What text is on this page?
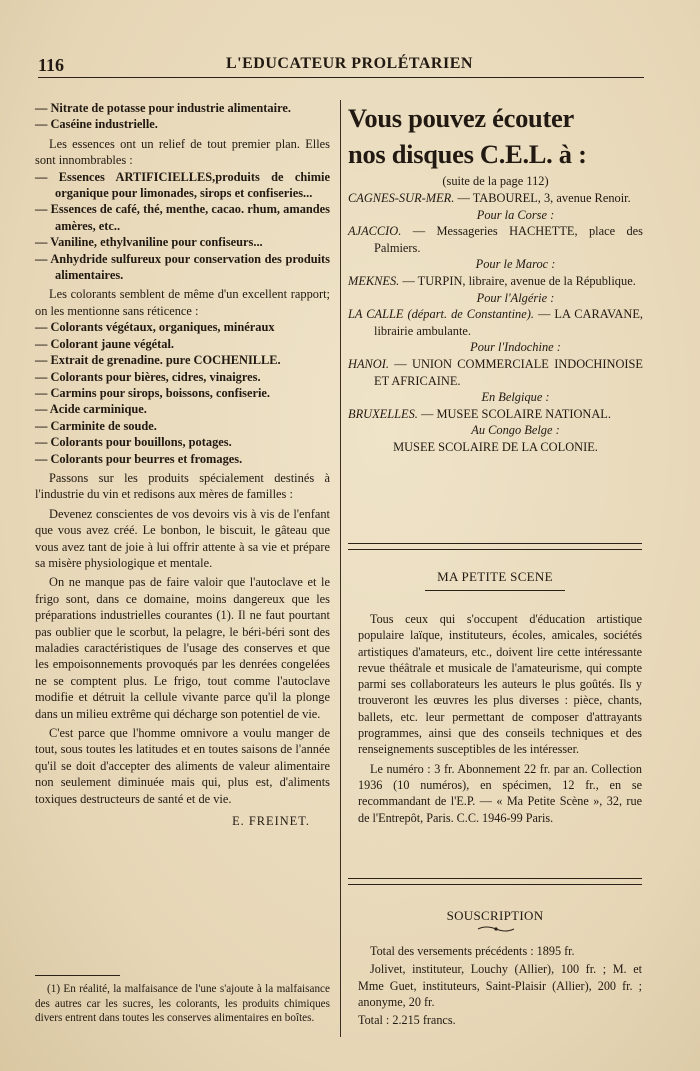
116	L'EDUCATEUR PROLÉTARIEN

— Nitrate de potasse pour industrie alimentaire.

— Caséine industrielle.

Les essences ont un relief de tout premier plan. Elles sont innombrables :

— Essences ARTIFICIELLES,produits de chimie organique pour limonades, sirops et confiseries...

— Essences de café, thé, menthe, cacao. rhum, amandes amères, etc..

— Vaniline, ethylvaniline pour confiseurs...

— Anhydride sulfureux pour conservation des produits alimentaires.

Les colorants semblent de même d'un excellent rapport; on les mentionne sans réticence :

— Colorants végétaux, organiques, minéraux

— Colorant jaune végétal.

— Extrait de grenadine. pure COCHENILLE.

— Colorants pour bières, cidres, vinaigres.

— Carmins pour sirops, boissons, confiserie.

— Acide carminique.

— Carminite de soude.

— Colorants pour bouillons, potages.

— Colorants pour beurres et fromages.

Passons sur les produits spécialement destinés à l'industrie du vin et redisons aux mères de familles :

Devenez conscientes de vos devoirs vis à vis de l'enfant que vous avez créé. Le bonbon, le biscuit, le gâteau que vous avez tant de joie à lui offrir attente à sa vie et prépare sa misère physiologique et mentale.

On ne manque pas de faire valoir que l'autoclave et le frigo sont, dans ce domaine, moins dangereux que les préparations industrielles courantes (1). Il ne faut pourtant pas oublier que le scorbut, la pelagre, le béri-béri sont des maladies caractéristiques de l'usage des conserves et que les empoisonnements provoqués par les denrées congelées ne se comptent plus. Le frigo, tout comme l'autoclave modifie et détruit la cellule vivante parce qu'il la plonge dans un milieu extrême qui décharge son potentiel de vie.

C'est parce que l'homme omnivore a voulu manger de tout, sous toutes les latitudes et en toutes saisons de l'année qu'il se doit d'accepter des aliments de valeur alimentaire non seulement diminuée mais qui, plus est, d'aliments toxiques destructeurs de santé et de vie.

E. FREINET.

(1) En réalité, la malfaisance de l'une s'ajoute à la malfaisance des autres car les sucres, les colorants, les produits chimiques divers entrent dans toutes les conserves alimentaires en boîtes.

Vous pouvez écouter

nos disques C.E.L. à :

(suite de la page 112)

CAGNES-SUR-MER. — TABOUREL, 3, avenue Renoir.

Pour la Corse :

AJACCIO. — Messageries HACHETTE, place des Palmiers.

Pour le Maroc :

MEKNES. — TURPIN, libraire, avenue de la République.

Pour l'Algérie :

LA CALLE (départ. de Constantine). — LA CARAVANE, librairie ambulante.

Pour l'Indochine :

HANOI. — UNION COMMERCIALE INDOCHINOISE ET AFRICAINE.

En Belgique :

BRUXELLES. — MUSEE SCOLAIRE NATIONAL.

Au Congo Belge :

MUSEE SCOLAIRE DE LA COLONIE.

MA PETITE SCENE

Tous ceux qui s'occupent d'éducation artistique populaire laïque, instituteurs, écoles, amicales, sociétés artistiques d'amateurs, etc., doivent lire cette intéressante revue théâtrale et musicale de l'amateurisme, qui compte parmi ses collaborateurs les auteurs le plus goûtés. Ils y trouveront les œuvres les plus diverses : pièce, chants, ballets, etc. leur permettant de composer d'attrayants programmes, ainsi que des conseils techniques et des renseignements susceptibles de les intéresser.

Le numéro : 3 fr. Abonnement 22 fr. par an. Collection 1936 (10 numéros), en spécimen, 12 fr., en se recommandant de l'E.P. — « Ma Petite Scène », 32, rue de l'Entrepôt, Paris. C.C. 1946-99 Paris.

SOUSCRIPTION

Total des versements précédents : 1895 fr.

Jolivet, instituteur, Louchy (Allier), 100 fr. ; M. et Mme Guet, instituteurs, Saint-Plaisir (Allier), 200 fr. ; anonyme, 20 fr.

Total : 2.215 francs.
